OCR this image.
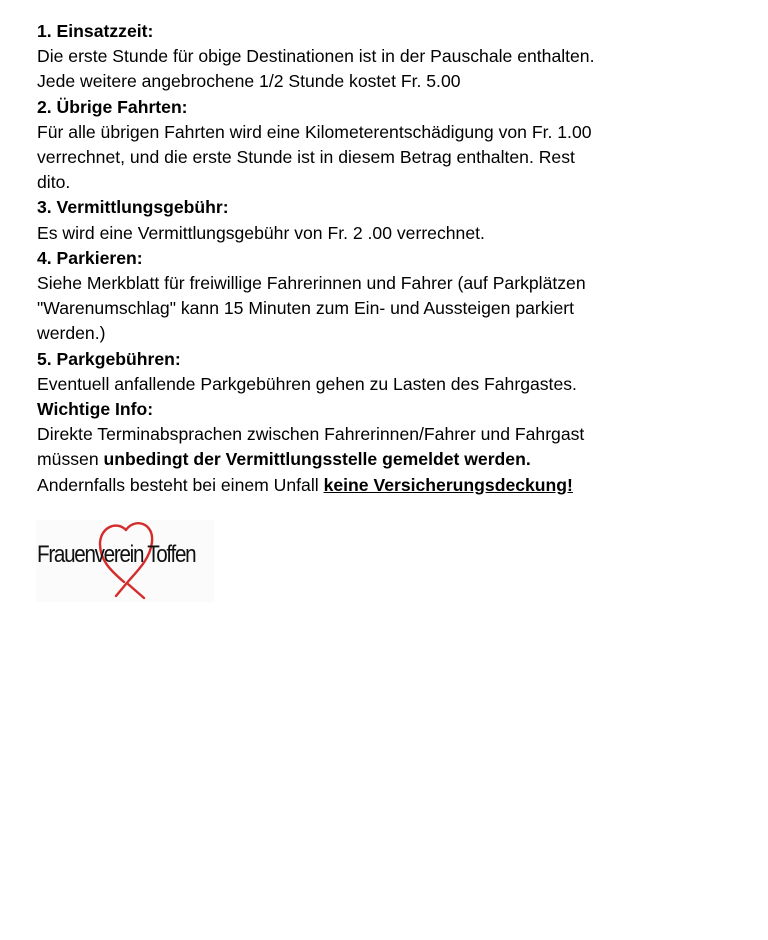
1. Einsatzzeit:

Die erste Stunde für obige Destinationen ist in der Pauschale enthalten.

Jede weitere angebrochene 1/2 Stunde kostet Fr. 5.00

2. Übrige Fahrten:

Für alle übrigen Fahrten wird eine Kilometerentschädigung von Fr. 1.00

verrechnet, und die erste Stunde ist in diesem Betrag enthalten. Rest

dito.

3. Vermittlungsgebühr:

Es wird eine Vermittlungsgebühr von Fr. 2 .00 verrechnet.

4. Parkieren:

Siehe Merkblatt für freiwillige Fahrerinnen und Fahrer (auf Parkplätzen

"Warenumschlag" kann 15 Minuten zum Ein- und Aussteigen parkiert

werden.)

5. Parkgebühren:

Eventuell anfallende Parkgebühren gehen zu Lasten des Fahrgastes.

Wichtige Info:

Direkte Terminabsprachen zwischen Fahrerinnen/Fahrer und Fahrgast

müssen unbedingt der Vermittlungsstelle gemeldet werden.

Andernfalls besteht bei einem Unfall keine Versicherungsdeckung!

Frauenverein Toffen
